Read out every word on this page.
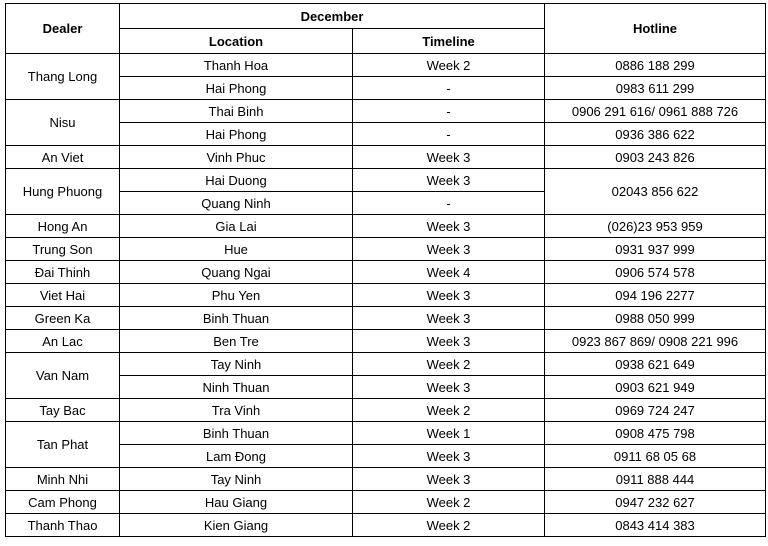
Dealer	December		Hotline
	Location	Timeline	
Thang Long	Thanh Hoa	Week 2	0886 188 299
	Hai Phong	-	0983 611 299
Nisu	Thai Binh	-	0906 291 616/ 0961 888 726
	Hai Phong	-	0936 386 622
An Viet	Vinh Phuc	Week 3	0903 243 826
Hung Phuong	Hai Duong	Week 3	02043 856 622
	Quang Ninh	-	
Hong An	Gia Lai	Week 3	(026)23 953 959
Trung Son	Hue	Week 3	0931 937 999
Đai Thinh	Quang Ngai	Week 4	0906 574 578
Viet Hai	Phu Yen	Week 3	094 196 2277
Green Ka	Binh Thuan	Week 3	0988 050 999
An Lac	Ben Tre	Week 3	0923 867 869/ 0908 221 996
Van Nam	Tay Ninh	Week 2	0938 621 649
	Ninh Thuan	Week 3	0903 621 949
Tay Bac	Tra Vinh	Week 2	0969 724 247
Tan Phat	Binh Thuan	Week 1	0908 475 798
	Lam Đong	Week 3	0911 68 05 68
Minh Nhi	Tay Ninh	Week 3	0911 888 444
Cam Phong	Hau Giang	Week 2	0947 232 627
Thanh Thao	Kien Giang	Week 2	0843 414 383
